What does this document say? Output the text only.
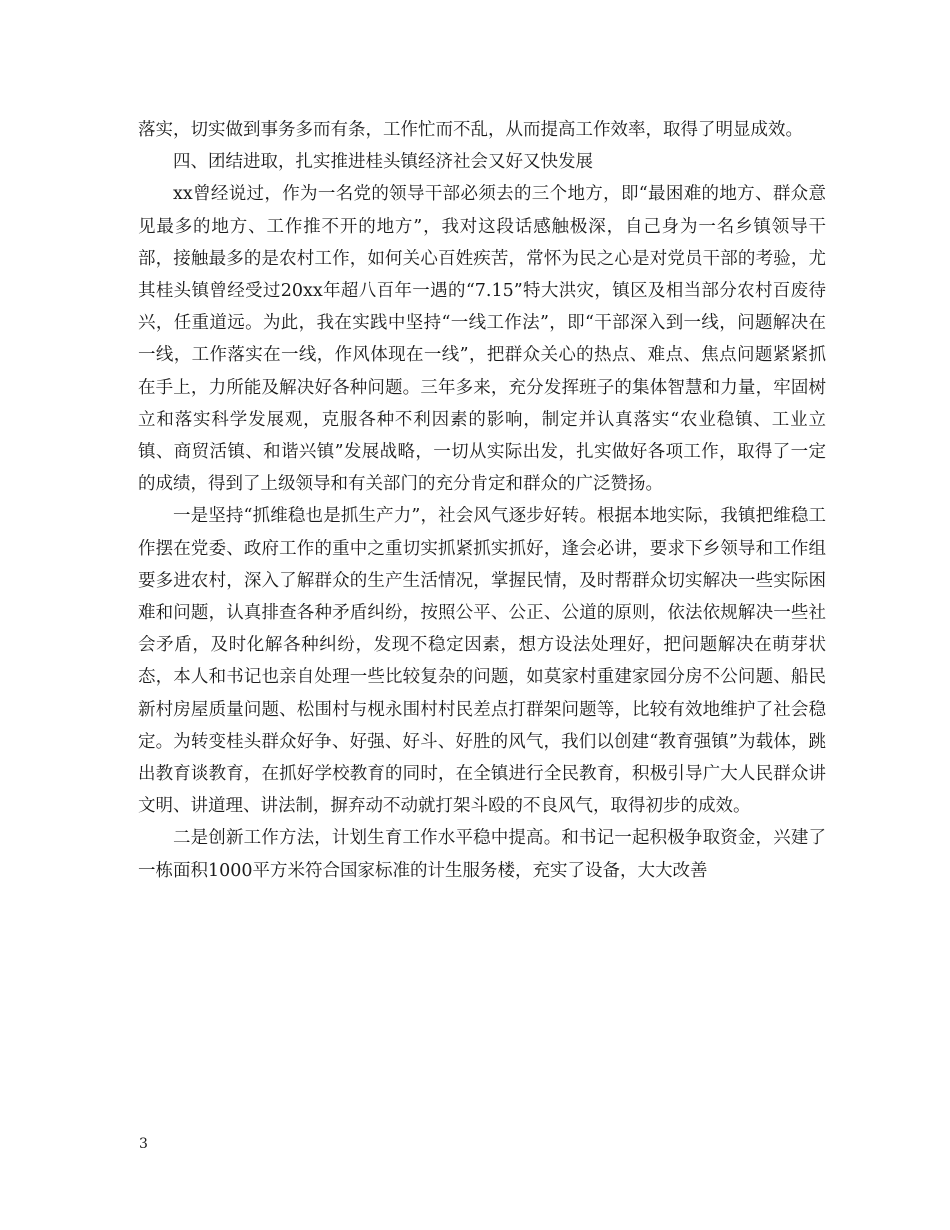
落实，切实做到事务多而有条，工作忙而不乱，从而提高工作效率，取得了明显成效。

四、团结进取，扎实推进桂头镇经济社会又好又快发展

xx曾经说过，作为一名党的领导干部必须去的三个地方，即“最困难的地方、群众意见最多的地方、工作推不开的地方”，我对这段话感触极深，自己身为一名乡镇领导干部，接触最多的是农村工作，如何关心百姓疾苦，常怀为民之心是对党员干部的考验，尤其桂头镇曾经受过20xx年超八百年一遇的“7.15”特大洪灾，镇区及相当部分农村百废待兴，任重道远。为此，我在实践中坚持“一线工作法”，即“干部深入到一线，问题解决在一线，工作落实在一线，作风体现在一线”，把群众关心的热点、难点、焦点问题紧紧抓在手上，力所能及解决好各种问题。三年多来，充分发挥班子的集体智慧和力量，牢固树立和落实科学发展观，克服各种不利因素的影响，制定并认真落实“农业稳镇、工业立镇、商贸活镇、和谐兴镇”发展战略，一切从实际出发，扎实做好各项工作，取得了一定的成绩，得到了上级领导和有关部门的充分肯定和群众的广泛赞扬。

一是坚持“抓维稳也是抓生产力”，社会风气逐步好转。根据本地实际，我镇把维稳工作摆在党委、政府工作的重中之重切实抓紧抓实抓好，逢会必讲，要求下乡领导和工作组要多进农村，深入了解群众的生产生活情况，掌握民情，及时帮群众切实解决一些实际困难和问题，认真排查各种矛盾纠纷，按照公平、公正、公道的原则，依法依规解决一些社会矛盾，及时化解各种纠纷，发现不稳定因素，想方设法处理好，把问题解决在萌芽状态，本人和书记也亲自处理一些比较复杂的问题，如莫家村重建家园分房不公问题、船民新村房屋质量问题、松围村与枧永围村村民差点打群架问题等，比较有效地维护了社会稳定。为转变桂头群众好争、好强、好斗、好胜的风气，我们以创建“教育强镇”为载体，跳出教育谈教育，在抓好学校教育的同时，在全镇进行全民教育，积极引导广大人民群众讲文明、讲道理、讲法制，摒弃动不动就打架斗殴的不良风气，取得初步的成效。

二是创新工作方法，计划生育工作水平稳中提高。和书记一起积极争取资金，兴建了一栋面积1000平方米符合国家标准的计生服务楼，充实了设备，大大改善

3
